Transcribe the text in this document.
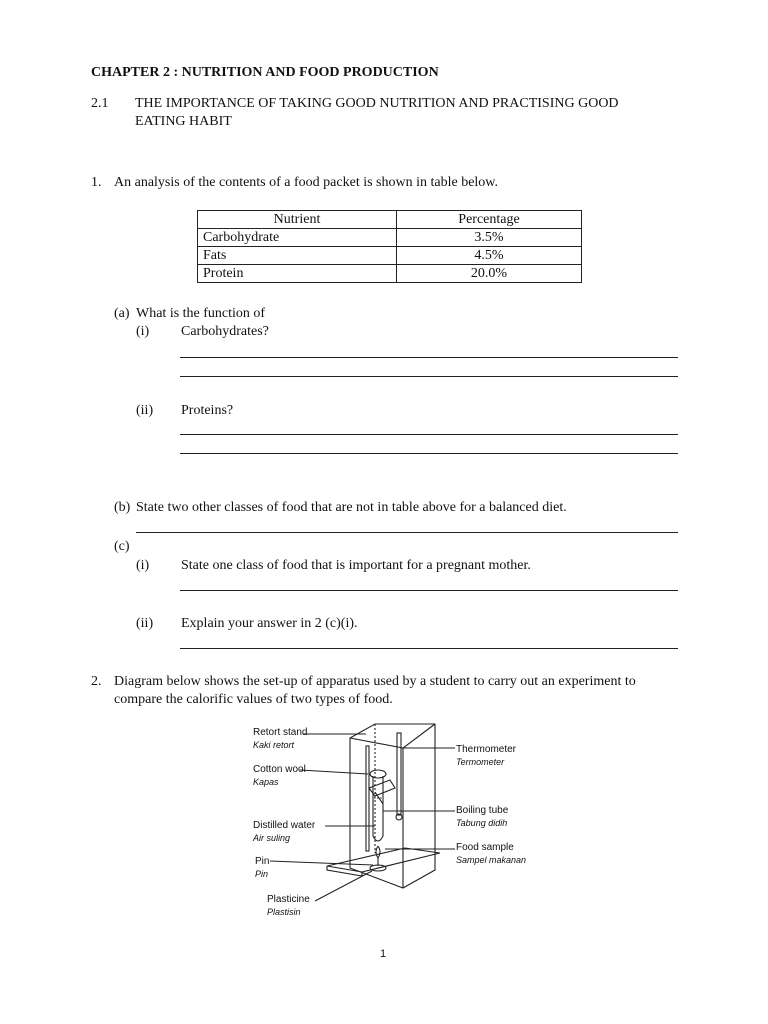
CHAPTER 2 : NUTRITION AND FOOD PRODUCTION
2.1 THE IMPORTANCE OF TAKING GOOD NUTRITION AND PRACTISING GOOD
EATING HABIT
1. An analysis of the contents of a food packet is shown in table below.
Nutrient	Percentage
Carbohydrate	3.5%
Fats	4.5%
Protein	20.0%
(a) What is the function of
(i) Carbohydrates?
(ii) Proteins?
(b) State two other classes of food that are not in table above for a balanced diet.
(c)
(i) State one class of food that is important for a pregnant mother.
(ii) Explain your answer in 2 (c)(i).
2. Diagram below shows the set-up of apparatus used by a student to carry out an experiment to
compare the calorific values of two types of food.
Retort stand
Kaki retort
Cotton wool
Kapas
Distilled water
Air suling
Pin
Pin
Plasticine
Plastisin
Thermometer
Termometer
Boiling tube
Tabung didih
Food sample
Sampel makanan
1
